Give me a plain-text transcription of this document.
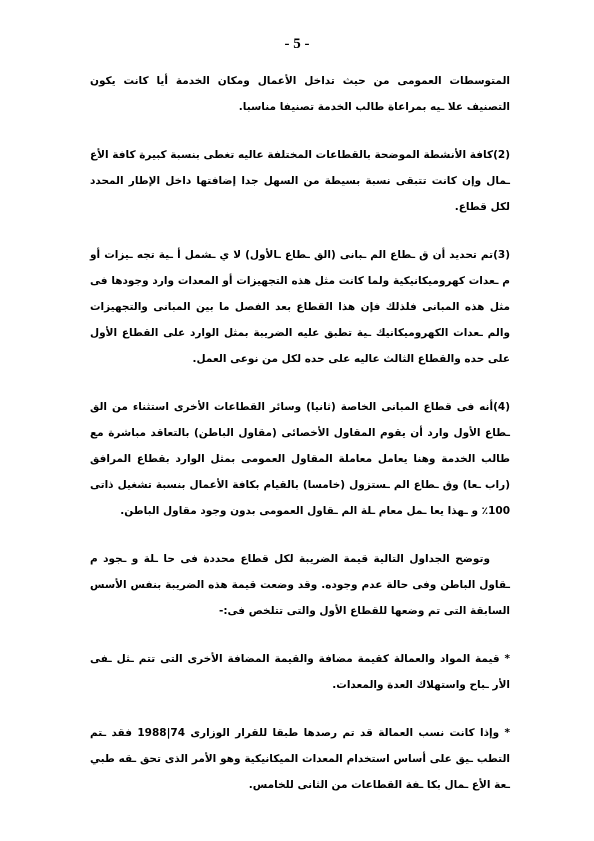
- 5 -

المتوسطات العمومى من حيث تداخل الأعمال ومكان الخدمة أيا كانت يكون التصنيف علا ـيه بمراعاة طالب الخدمة تصنيفا مناسبا.

(2)كافة الأنشطة الموضحة بالقطاعات المختلفة عاليه تغطى بنسبة كبيرة كافة الأع ـمال وإن كانت تتبقى نسبة بسيطة من السهل جدا إضافتها داخل الإطار المحدد لكل قطاع.

(3)تم تحديد أن ق ـطاع الم ـبانى (الق ـطاع ـالأول) لا ي ـشمل أ ـية تجه ـيزات أو م ـعدات كهروميكانيكية ولما كانت مثل هذه التجهيزات أو المعدات وارد وجودها فى مثل هذه المبانى فلذلك فإن هذا القطاع بعد الفصل ما بين المبانى والتجهيزات والم ـعدات الكهروميكانيك ـية تطبق عليه الضريبة بمثل الوارد على القطاع الأول على حده والقطاع الثالث عاليه على حده لكل من نوعى العمل.

(4)أنه فى قطاع المبانى الخاصة (ثانيا) وسائر القطاعات الأخرى استثناء من الق ـطاع الأول وارد أن يقوم المقاول الأخصائى (مقاول الباطن) بالتعاقد مباشرة مع طالب الخدمة وهنا يعامل معاملة المقاول العمومى بمثل الوارد بقطاع المرافق (راب ـعا) وق ـطاع الم ـستزول (خامسا) بالقيام بكافة الأعمال بنسبة تشغيل ذاتى 100٪ و ـهذا يعا ـمل معام ـلة الم ـقاول العمومى بدون وجود مقاول الباطن.

وتوضح الجداول التالية قيمة الضريبة لكل قطاع محددة فى حا ـلة و ـجود م ـقاول الباطن وفى حالة عدم وجوده. وقد وضعت قيمة هذه الضريبة بنفس الأسس السابقة التى تم وضعها للقطاع الأول والتى تتلخص فى:-

* قيمة المواد والعمالة كقيمة مضافة والقيمة المضافة الأخرى التى تتم ـثل ـفى الأر ـباح واستهلاك العدة والمعدات.

* وإذا كانت نسب العمالة قد تم رصدها طبقا للقرار الوزارى 74|1988 فقد ـتم التطب ـيق على أساس استخدام المعدات الميكانيكية وهو الأمر الذى تحق ـقه طبي ـعة الأع ـمال بكا ـفة القطاعات من الثانى للخامس.
